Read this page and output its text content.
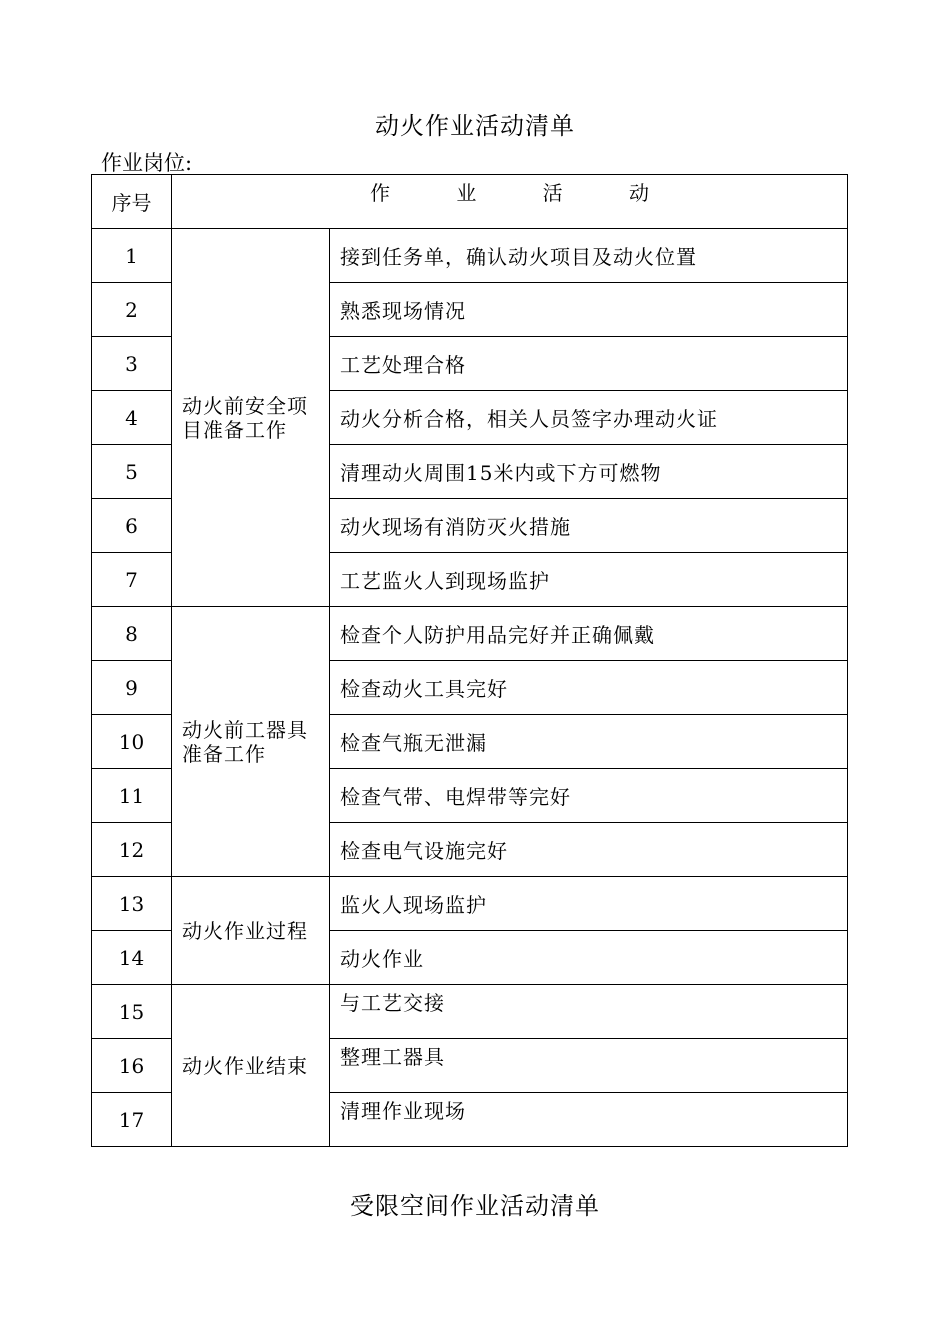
动火作业活动清单
作业岗位:
序号	作 业 活 动	
1	动火前安全项目准备工作	接到任务单，确认动火项目及动火位置
2		熟悉现场情况
3		工艺处理合格
4		动火分析合格，相关人员签字办理动火证
5		清理动火周围15米内或下方可燃物
6		动火现场有消防灭火措施
7		工艺监火人到现场监护
8	动火前工器具准备工作	检查个人防护用品完好并正确佩戴
9		检查动火工具完好
10		检查气瓶无泄漏
11		检查气带、电焊带等完好
12		检查电气设施完好
13	动火作业过程	监火人现场监护
14		动火作业
15	动火作业结束	与工艺交接
16		整理工器具
17		清理作业现场
受限空间作业活动清单
